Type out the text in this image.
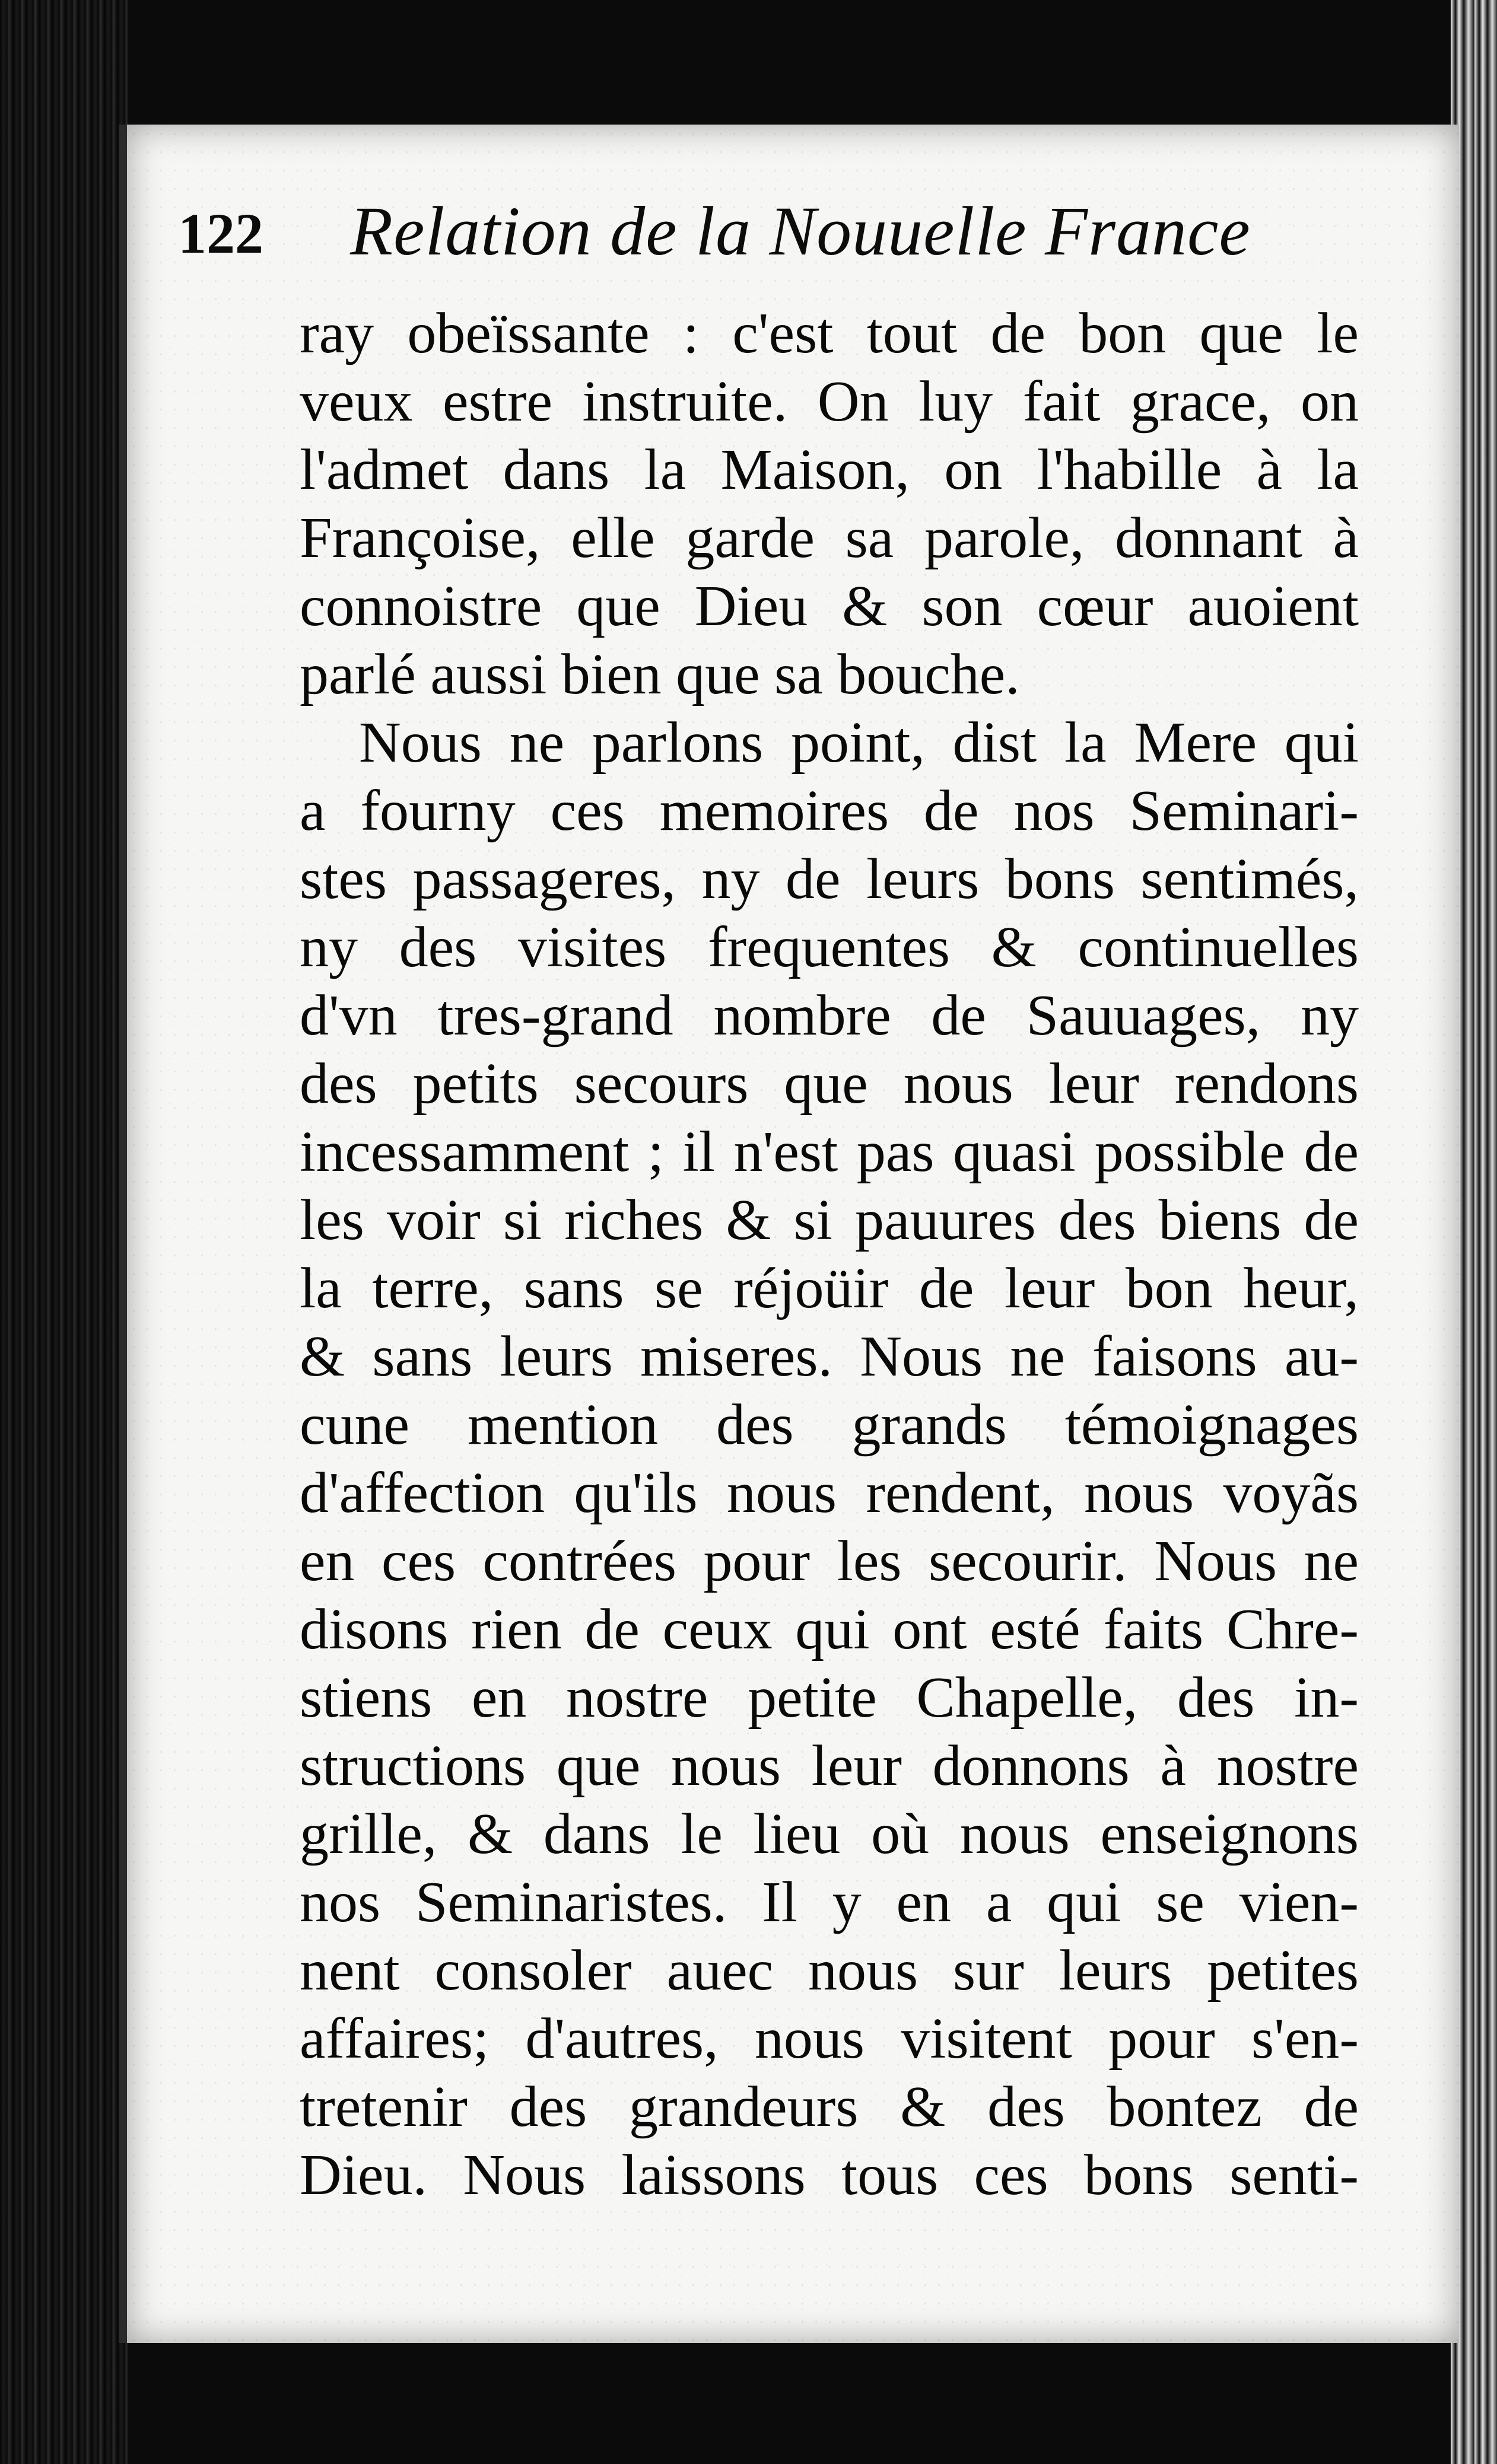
122 Relation de la Nouuelle France
ray obeïssante : c'est tout de bon que le
veux estre instruite. On luy fait grace, on
l'admet dans la Maison, on l'habille à la
Françoise, elle garde sa parole, donnant à
connoistre que Dieu & son cœur auoient
parlé aussi bien que sa bouche.
Nous ne parlons point, dist la Mere qui
a fourny ces memoires de nos Seminari-
stes passageres, ny de leurs bons sentimés,
ny des visites frequentes & continuelles
d'vn tres-grand nombre de Sauuages, ny
des petits secours que nous leur rendons
incessamment ; il n'est pas quasi possible de
les voir si riches & si pauures des biens de
la terre, sans se réjoüir de leur bon heur,
& sans leurs miseres. Nous ne faisons au-
cune mention des grands témoignages
d'affection qu'ils nous rendent, nous voyãs
en ces contrées pour les secourir. Nous ne
disons rien de ceux qui ont esté faits Chre-
stiens en nostre petite Chapelle, des in-
structions que nous leur donnons à nostre
grille, & dans le lieu où nous enseignons
nos Seminaristes. Il y en a qui se vien-
nent consoler auec nous sur leurs petites
affaires; d'autres, nous visitent pour s'en-
tretenir des grandeurs & des bontez de
Dieu. Nous laissons tous ces bons senti-
